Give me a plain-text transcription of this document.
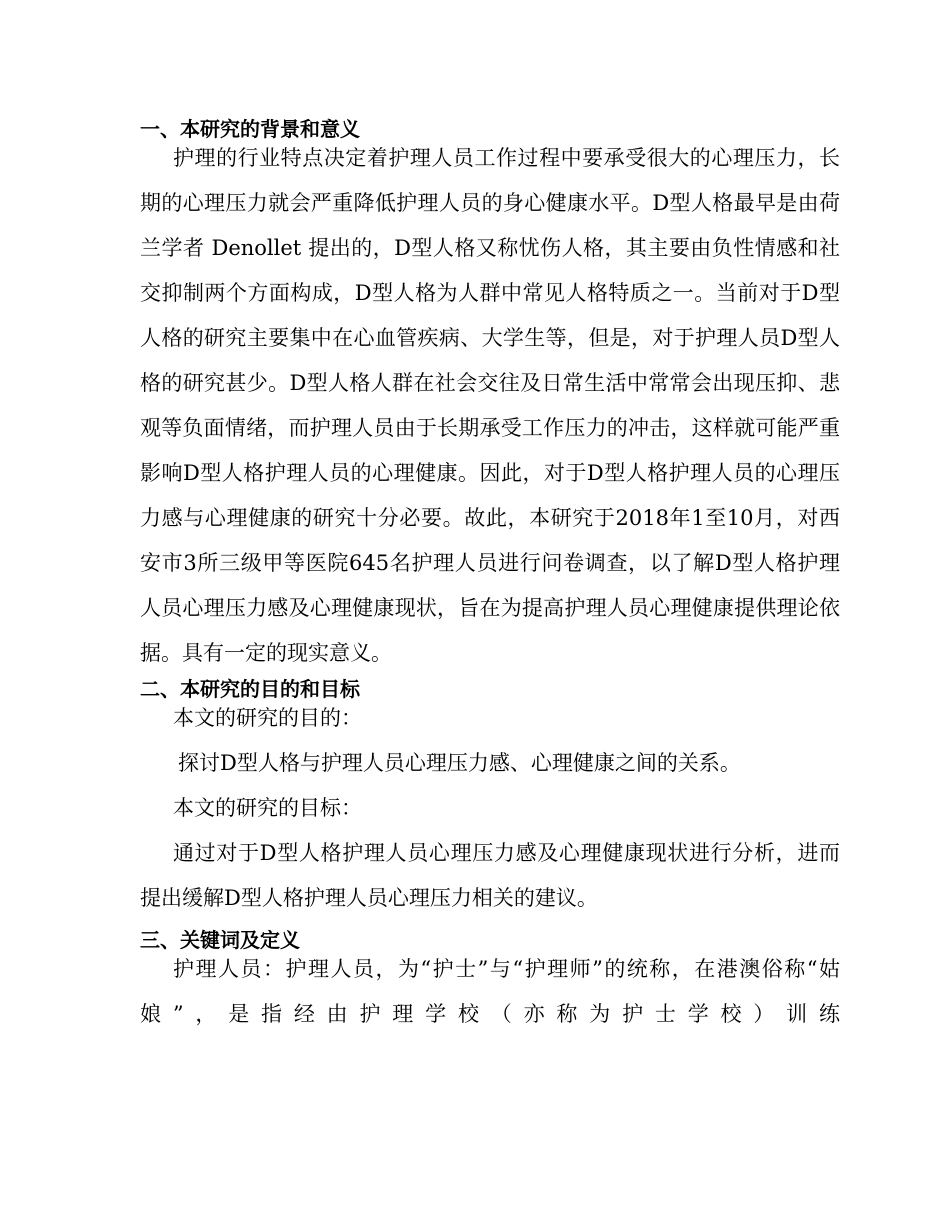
一、本研究的背景和意义

护理的行业特点决定着护理人员工作过程中要承受很大的心理压力，长期的心理压力就会严重降低护理人员的身心健康水平。D型人格最早是由荷兰学者 Denollet 提出的，D型人格又称忧伤人格，其主要由负性情感和社交抑制两个方面构成，D型人格为人群中常见人格特质之一。当前对于D型人格的研究主要集中在心血管疾病、大学生等，但是，对于护理人员D型人格的研究甚少。D型人格人群在社会交往及日常生活中常常会出现压抑、悲观等负面情绪，而护理人员由于长期承受工作压力的冲击，这样就可能严重影响D型人格护理人员的心理健康。因此，对于D型人格护理人员的心理压力感与心理健康的研究十分必要。故此，本研究于2018年1至10月，对西安市3所三级甲等医院645名护理人员进行问卷调查，以了解D型人格护理人员心理压力感及心理健康现状，旨在为提高护理人员心理健康提供理论依据。具有一定的现实意义。

二、本研究的目的和目标

本文的研究的目的：

探讨D型人格与护理人员心理压力感、心理健康之间的关系。

本文的研究的目标：

通过对于D型人格护理人员心理压力感及心理健康现状进行分析，进而提出缓解D型人格护理人员心理压力相关的建议。

三、关键词及定义

护理人员：护理人员，为“护士”与“护理师”的统称，在港澳俗称“姑娘”，是指经由护理学校（亦称为护士学校）训练
